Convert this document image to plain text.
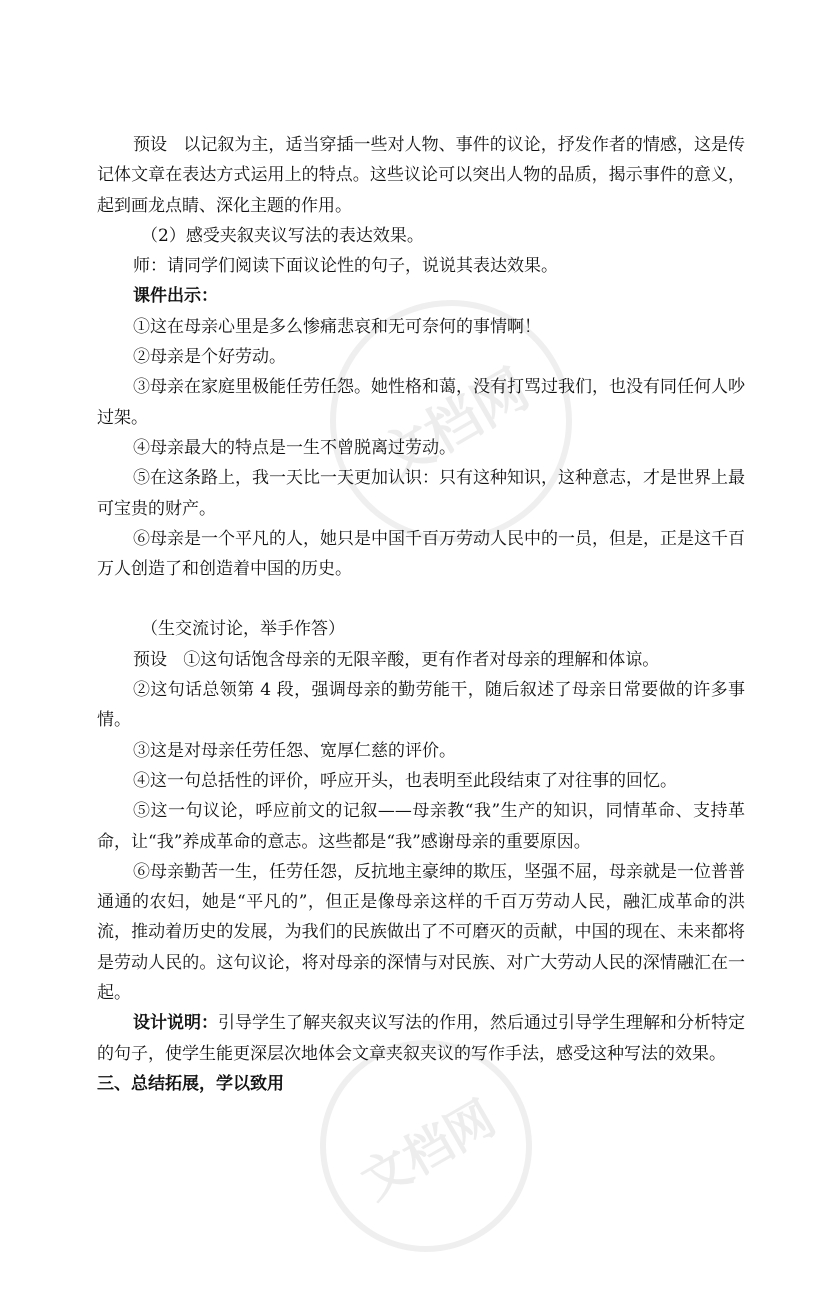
文档网
文档网

预设 以记叙为主，适当穿插一些对人物、事件的议论，抒发作者的情感，这是传记体文章在表达方式运用上的特点。这些议论可以突出人物的品质，揭示事件的意义，起到画龙点睛、深化主题的作用。

（2）感受夹叙夹议写法的表达效果。

师：请同学们阅读下面议论性的句子，说说其表达效果。

课件出示：

①这在母亲心里是多么惨痛悲哀和无可奈何的事情啊！

②母亲是个好劳动。

③母亲在家庭里极能任劳任怨。她性格和蔼，没有打骂过我们，也没有同任何人吵过架。

④母亲最大的特点是一生不曾脱离过劳动。

⑤在这条路上，我一天比一天更加认识：只有这种知识，这种意志，才是世界上最可宝贵的财产。

⑥母亲是一个平凡的人，她只是中国千百万劳动人民中的一员，但是，正是这千百万人创造了和创造着中国的历史。

（生交流讨论，举手作答）

预设 ①这句话饱含母亲的无限辛酸，更有作者对母亲的理解和体谅。

②这句话总领第 4 段，强调母亲的勤劳能干，随后叙述了母亲日常要做的许多事情。

③这是对母亲任劳任怨、宽厚仁慈的评价。

④这一句总括性的评价，呼应开头，也表明至此段结束了对往事的回忆。

⑤这一句议论，呼应前文的记叙——母亲教“我”生产的知识，同情革命、支持革命，让“我”养成革命的意志。这些都是“我”感谢母亲的重要原因。

⑥母亲勤苦一生，任劳任怨，反抗地主豪绅的欺压，坚强不屈，母亲就是一位普普通通的农妇，她是“平凡的”，但正是像母亲这样的千百万劳动人民，融汇成革命的洪流，推动着历史的发展，为我们的民族做出了不可磨灭的贡献，中国的现在、未来都将是劳动人民的。这句议论，将对母亲的深情与对民族、对广大劳动人民的深情融汇在一起。

设计说明：引导学生了解夹叙夹议写法的作用，然后通过引导学生理解和分析特定的句子，使学生能更深层次地体会文章夹叙夹议的写作手法，感受这种写法的效果。

三、总结拓展，学以致用
